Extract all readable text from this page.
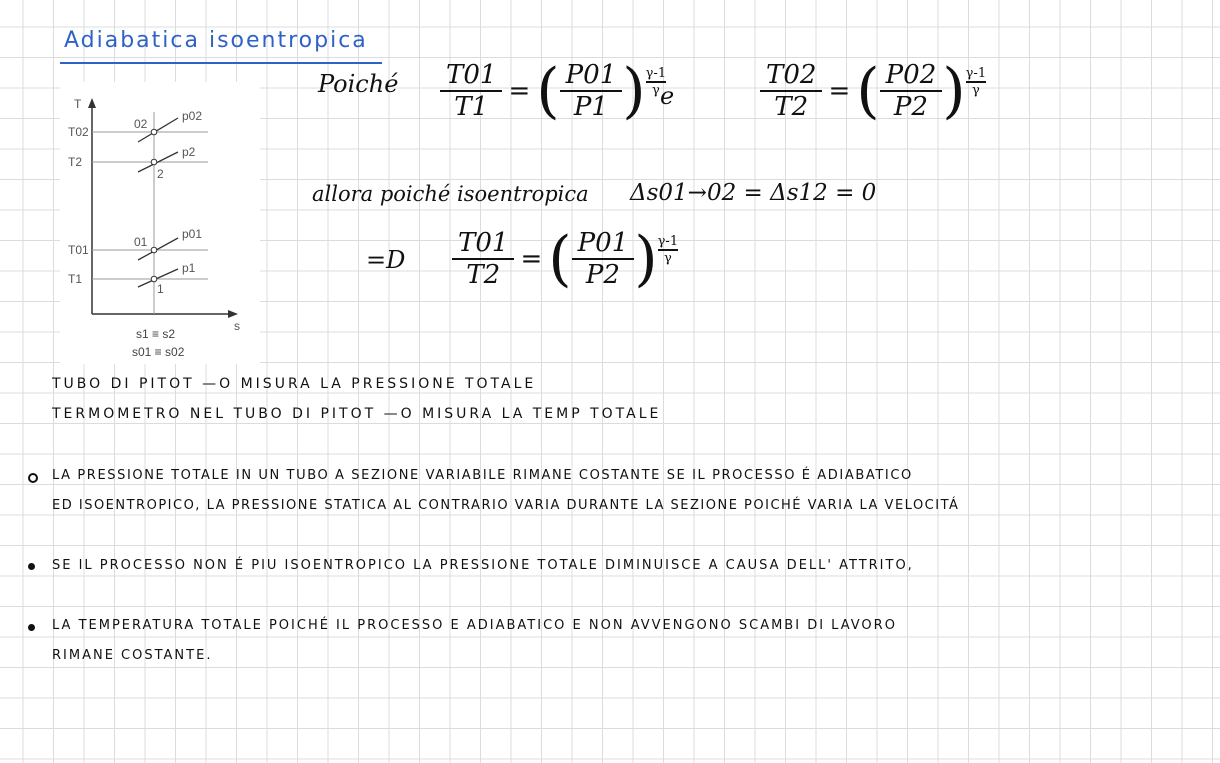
Adiabatica isoentropica
T
s
T02
T2
T01
T1
02
2
01
1
p02
p2
p01
p1
s1 ≡ s2
s01 ≡ s02
Poiché $\frac{T01}{T1}$ = ( $\frac{P01}{P1}$ ) γ-1
γ e	$\frac{T02}{T2}$ = ( $\frac{P02}{P2}$ ) γ-1
γ
allora poiché isoentropica Δs01→02 = Δs12 = 0
$=D \frac{T01}{T2}$ = ( $\frac{P01}{P2}$ ) γ-1
γ
TUBO DI PITOT —O MISURA LA PRESSIONE TOTALE
TERMOMETRO NEL TUBO DI PITOT —O MISURA LA TEMP TOTALE
LA PRESSIONE TOTALE IN UN TUBO A SEZIONE VARIABILE RIMANE COSTANTE SE IL PROCESSO É ADIABATICO
ED ISOENTROPICO, LA PRESSIONE STATICA AL CONTRARIO VARIA DURANTE LA SEZIONE POICHÉ VARIA LA VELOCITÁ
SE IL PROCESSO NON É PIU ISOENTROPICO LA PRESSIONE TOTALE DIMINUISCE A CAUSA DELL' ATTRITO,
LA TEMPERATURA TOTALE POICHÉ IL PROCESSO E ADIABATICO E NON AVVENGONO SCAMBI DI LAVORO
RIMANE COSTANTE.
